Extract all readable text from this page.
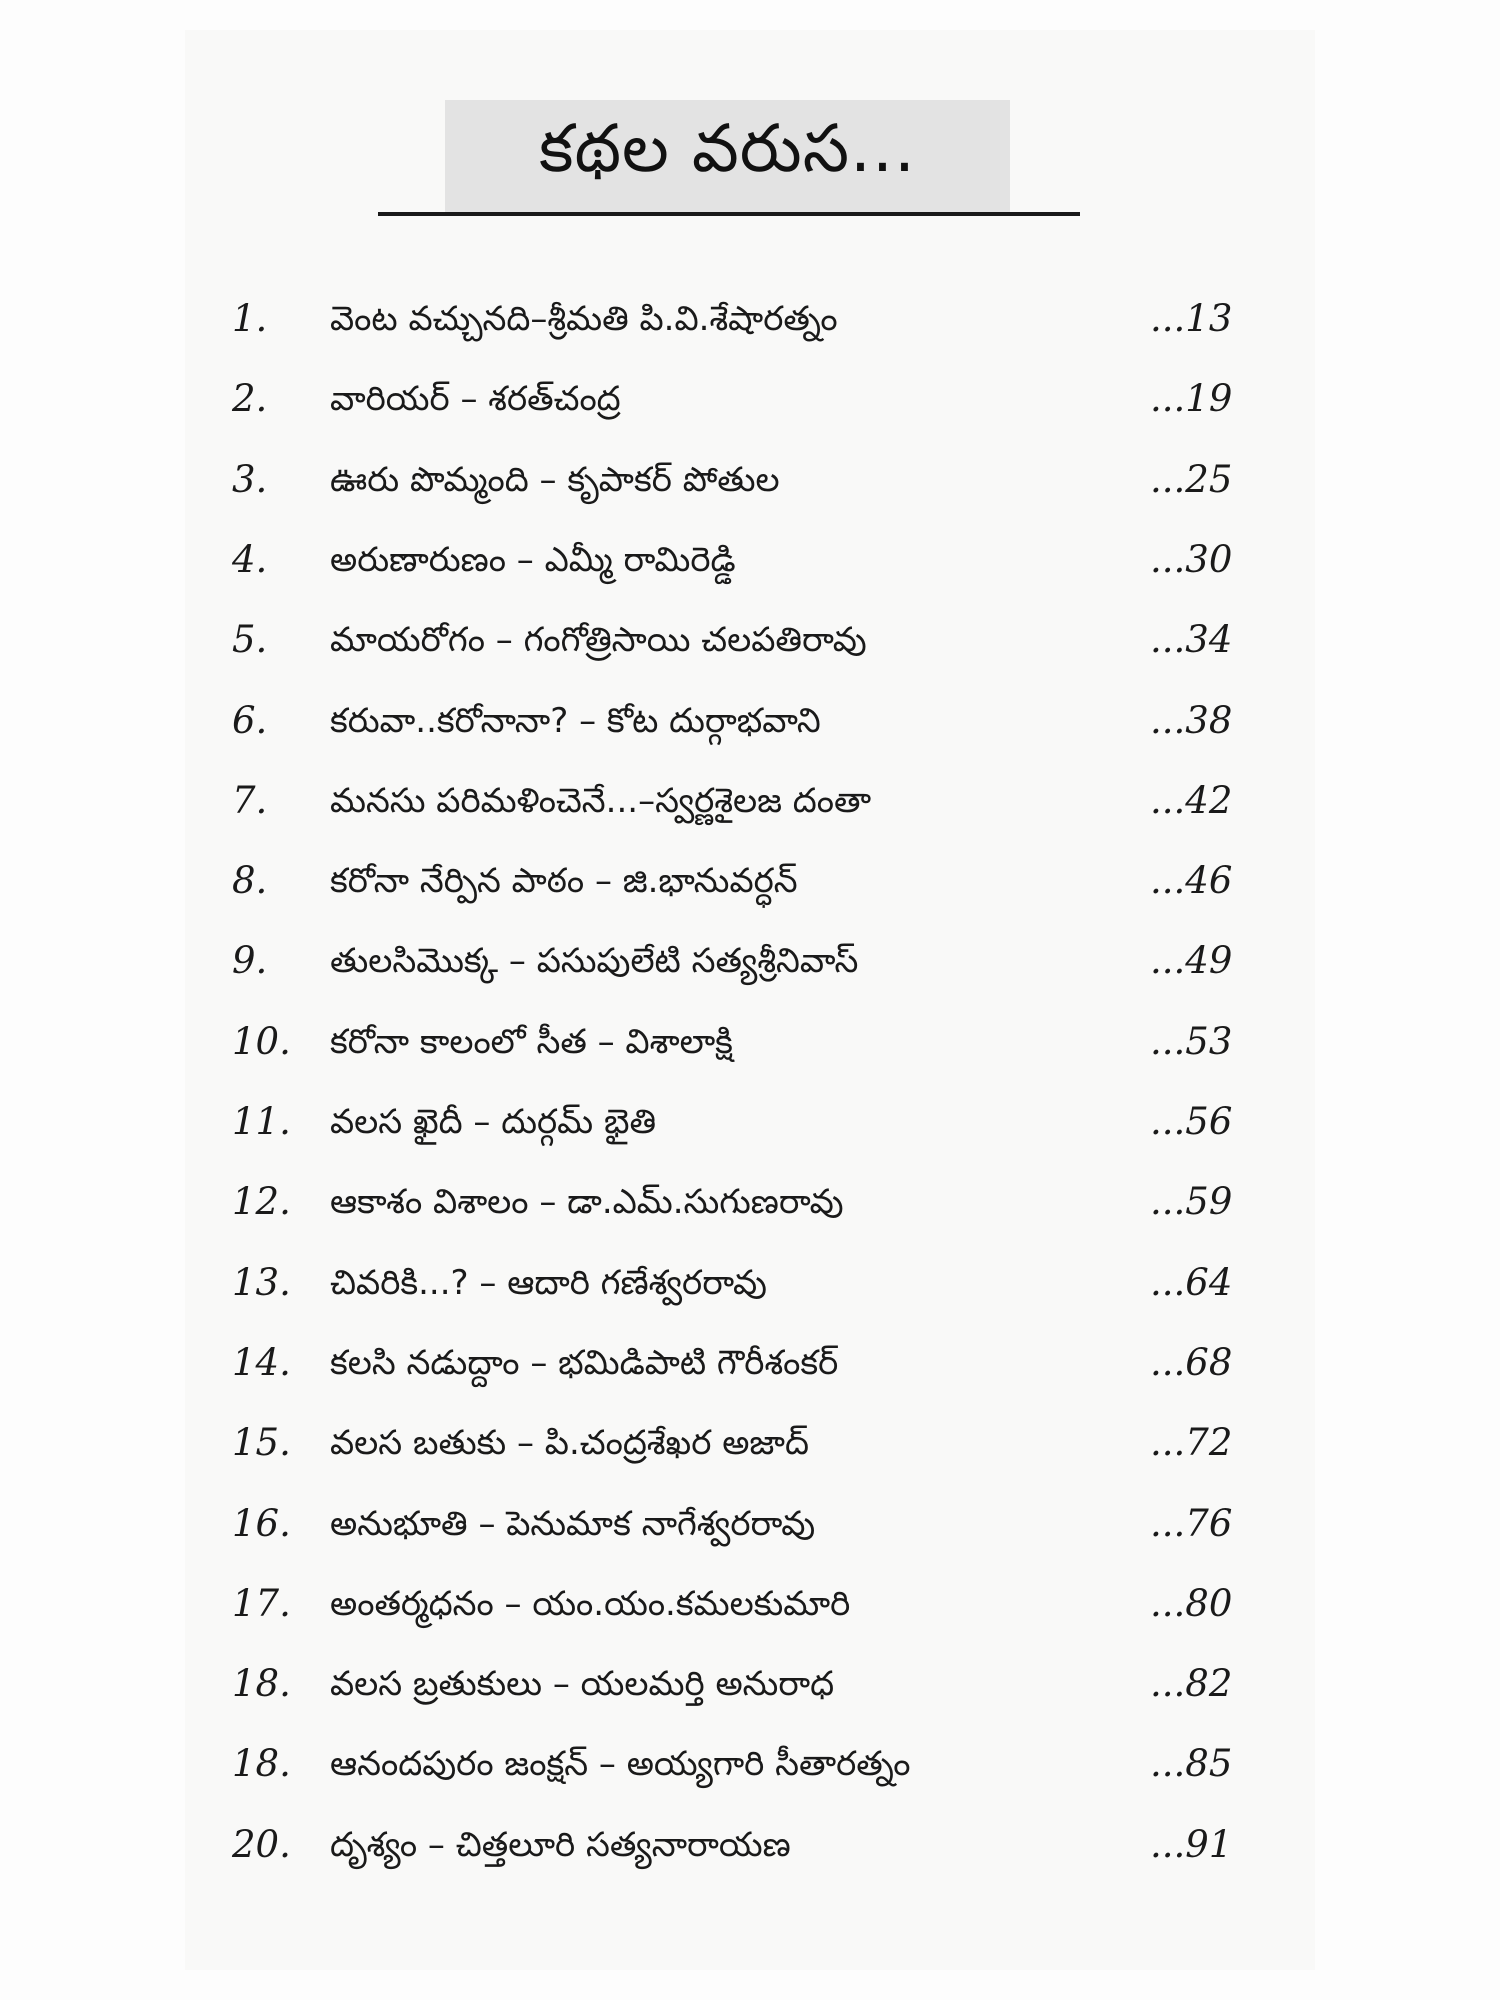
కథల వరుస...
1.	వెంట వచ్చునది–శ్రీమతి పి.వి.శేషారత్నం	...13
2.	వారియర్ – శరత్‌చంద్ర	...19
3.	ఊరు పొమ్మంది – కృపాకర్ పోతుల	...25
4.	అరుణారుణం – ఎమ్మీ రామిరెడ్డి	...30
5.	మాయరోగం – గంగోత్రిసాయి చలపతిరావు	...34
6.	కరువా..కరోనానా? – కోట దుర్గాభవాని	...38
7.	మనసు పరిమళించెనే...–స్వర్ణశైలజ దంతా	...42
8.	కరోనా నేర్పిన పాఠం – జి.భానువర్ధన్	...46
9.	తులసిమొక్క – పసుపులేటి సత్యశ్రీనివాస్	...49
10.	కరోనా కాలంలో సీత – విశాలాక్షి	...53
11.	వలస ఖైదీ – దుర్గమ్ భైతి	...56
12.	ఆకాశం విశాలం – డా.ఎమ్.సుగుణరావు	...59
13.	చివరికి...? – ఆదారి గణేశ్వరరావు	...64
14.	కలసి నడుద్దాం – భమిడిపాటి గౌరీశంకర్	...68
15.	వలస బతుకు – పి.చంద్రశేఖర అజాద్	...72
16.	అనుభూతి – పెనుమాక నాగేశ్వరరావు	...76
17.	అంతర్మధనం – యం.యం.కమలకుమారి	...80
18.	వలస బ్రతుకులు – యలమర్తి అనురాధ	...82
18.	ఆనందపురం జంక్షన్ – అయ్యగారి సీతారత్నం	...85
20.	దృశ్యం – చిత్తలూరి సత్యనారాయణ	...91
